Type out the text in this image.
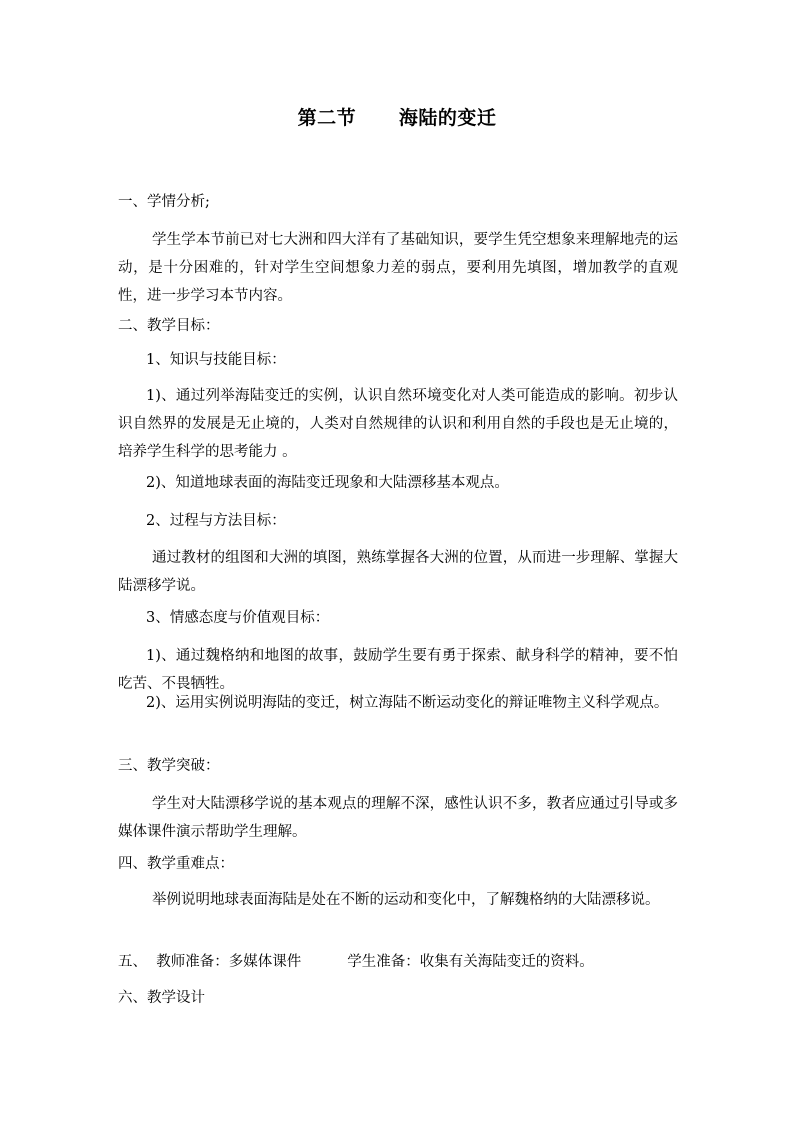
第二节      海陆的变迁
一、学情分析;
学生学本节前已对七大洲和四大洋有了基础知识，要学生凭空想象来理解地壳的运动，是十分困难的，针对学生空间想象力差的弱点，要利用先填图，增加教学的直观性，进一步学习本节内容。
二、教学目标：
1、知识与技能目标：
1)、通过列举海陆变迁的实例，认识自然环境变化对人类可能造成的影响。初步认识自然界的发展是无止境的，人类对自然规律的认识和利用自然的手段也是无止境的，培养学生科学的思考能力 。
2)、知道地球表面的海陆变迁现象和大陆漂移基本观点。
2、过程与方法目标：
通过教材的组图和大洲的填图，熟练掌握各大洲的位置，从而进一步理解、掌握大陆漂移学说。
3、情感态度与价值观目标：
1)、通过魏格纳和地图的故事，鼓励学生要有勇于探索、献身科学的精神，要不怕吃苦、不畏牺牲。
2)、运用实例说明海陆的变迁，树立海陆不断运动变化的辩证唯物主义科学观点。
三、教学突破：
学生对大陆漂移学说的基本观点的理解不深，感性认识不多，教者应通过引导或多媒体课件演示帮助学生理解。
四、教学重难点：
举例说明地球表面海陆是处在不断的运动和变化中，了解魏格纳的大陆漂移说。
五、  教师准备：多媒体课件          学生准备：收集有关海陆变迁的资料。
六、教学设计
